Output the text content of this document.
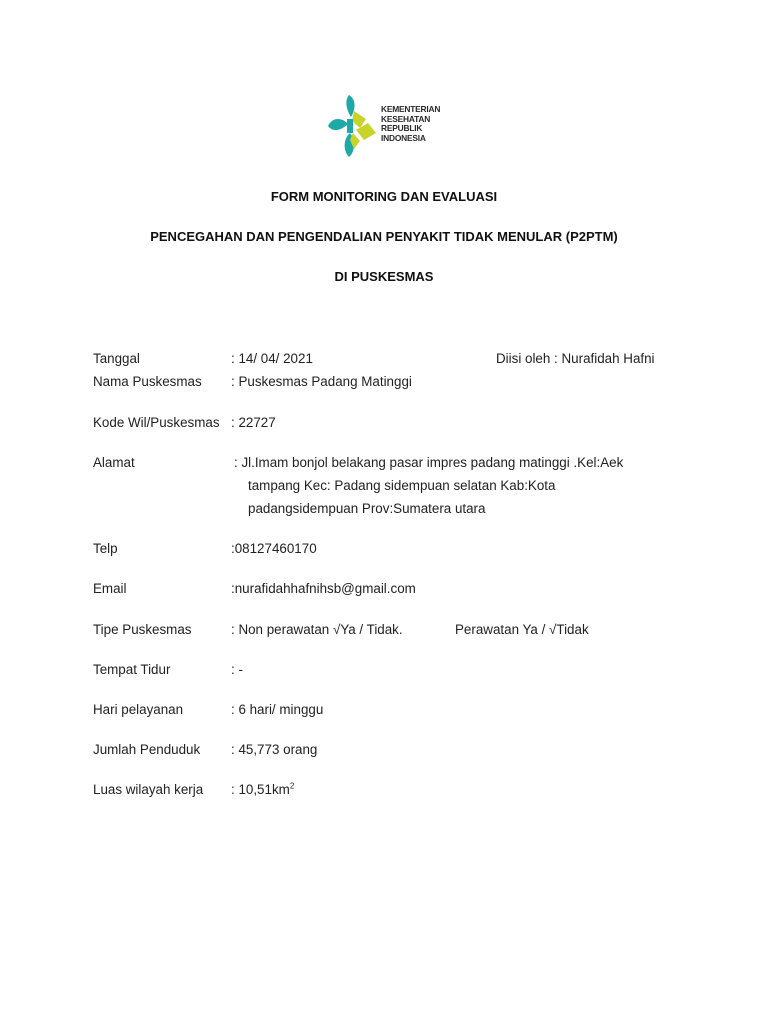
KEMENTERIAN
KESEHATAN
REPUBLIK
INDONESIA
FORM MONITORING DAN EVALUASI
PENCEGAHAN DAN PENGENDALIAN PENYAKIT TIDAK MENULAR (P2PTM)
DI PUSKESMAS
Tanggal	: 14/ 04/ 2021	Diisi oleh : Nurafidah Hafni
Nama Puskesmas : Puskesmas Padang Matinggi
Kode Wil/Puskesmas : 22727
Alamat	: Jl.Imam bonjol belakang pasar impres padang matinggi .Kel:Aek
tampang Kec: Padang sidempuan selatan Kab:Kota
padangsidempuan Prov:Sumatera utara
Telp	:08127460170
Email	:nurafidahhafnihsb@gmail.com
Tipe Puskesmas	: Non perawatan √Ya / Tidak.	Perawatan Ya / √Tidak
Tempat Tidur	: -
Hari pelayanan	: 6 hari/ minggu
Jumlah Penduduk : 45,773 orang
Luas wilayah kerja : $10,51km^2$
